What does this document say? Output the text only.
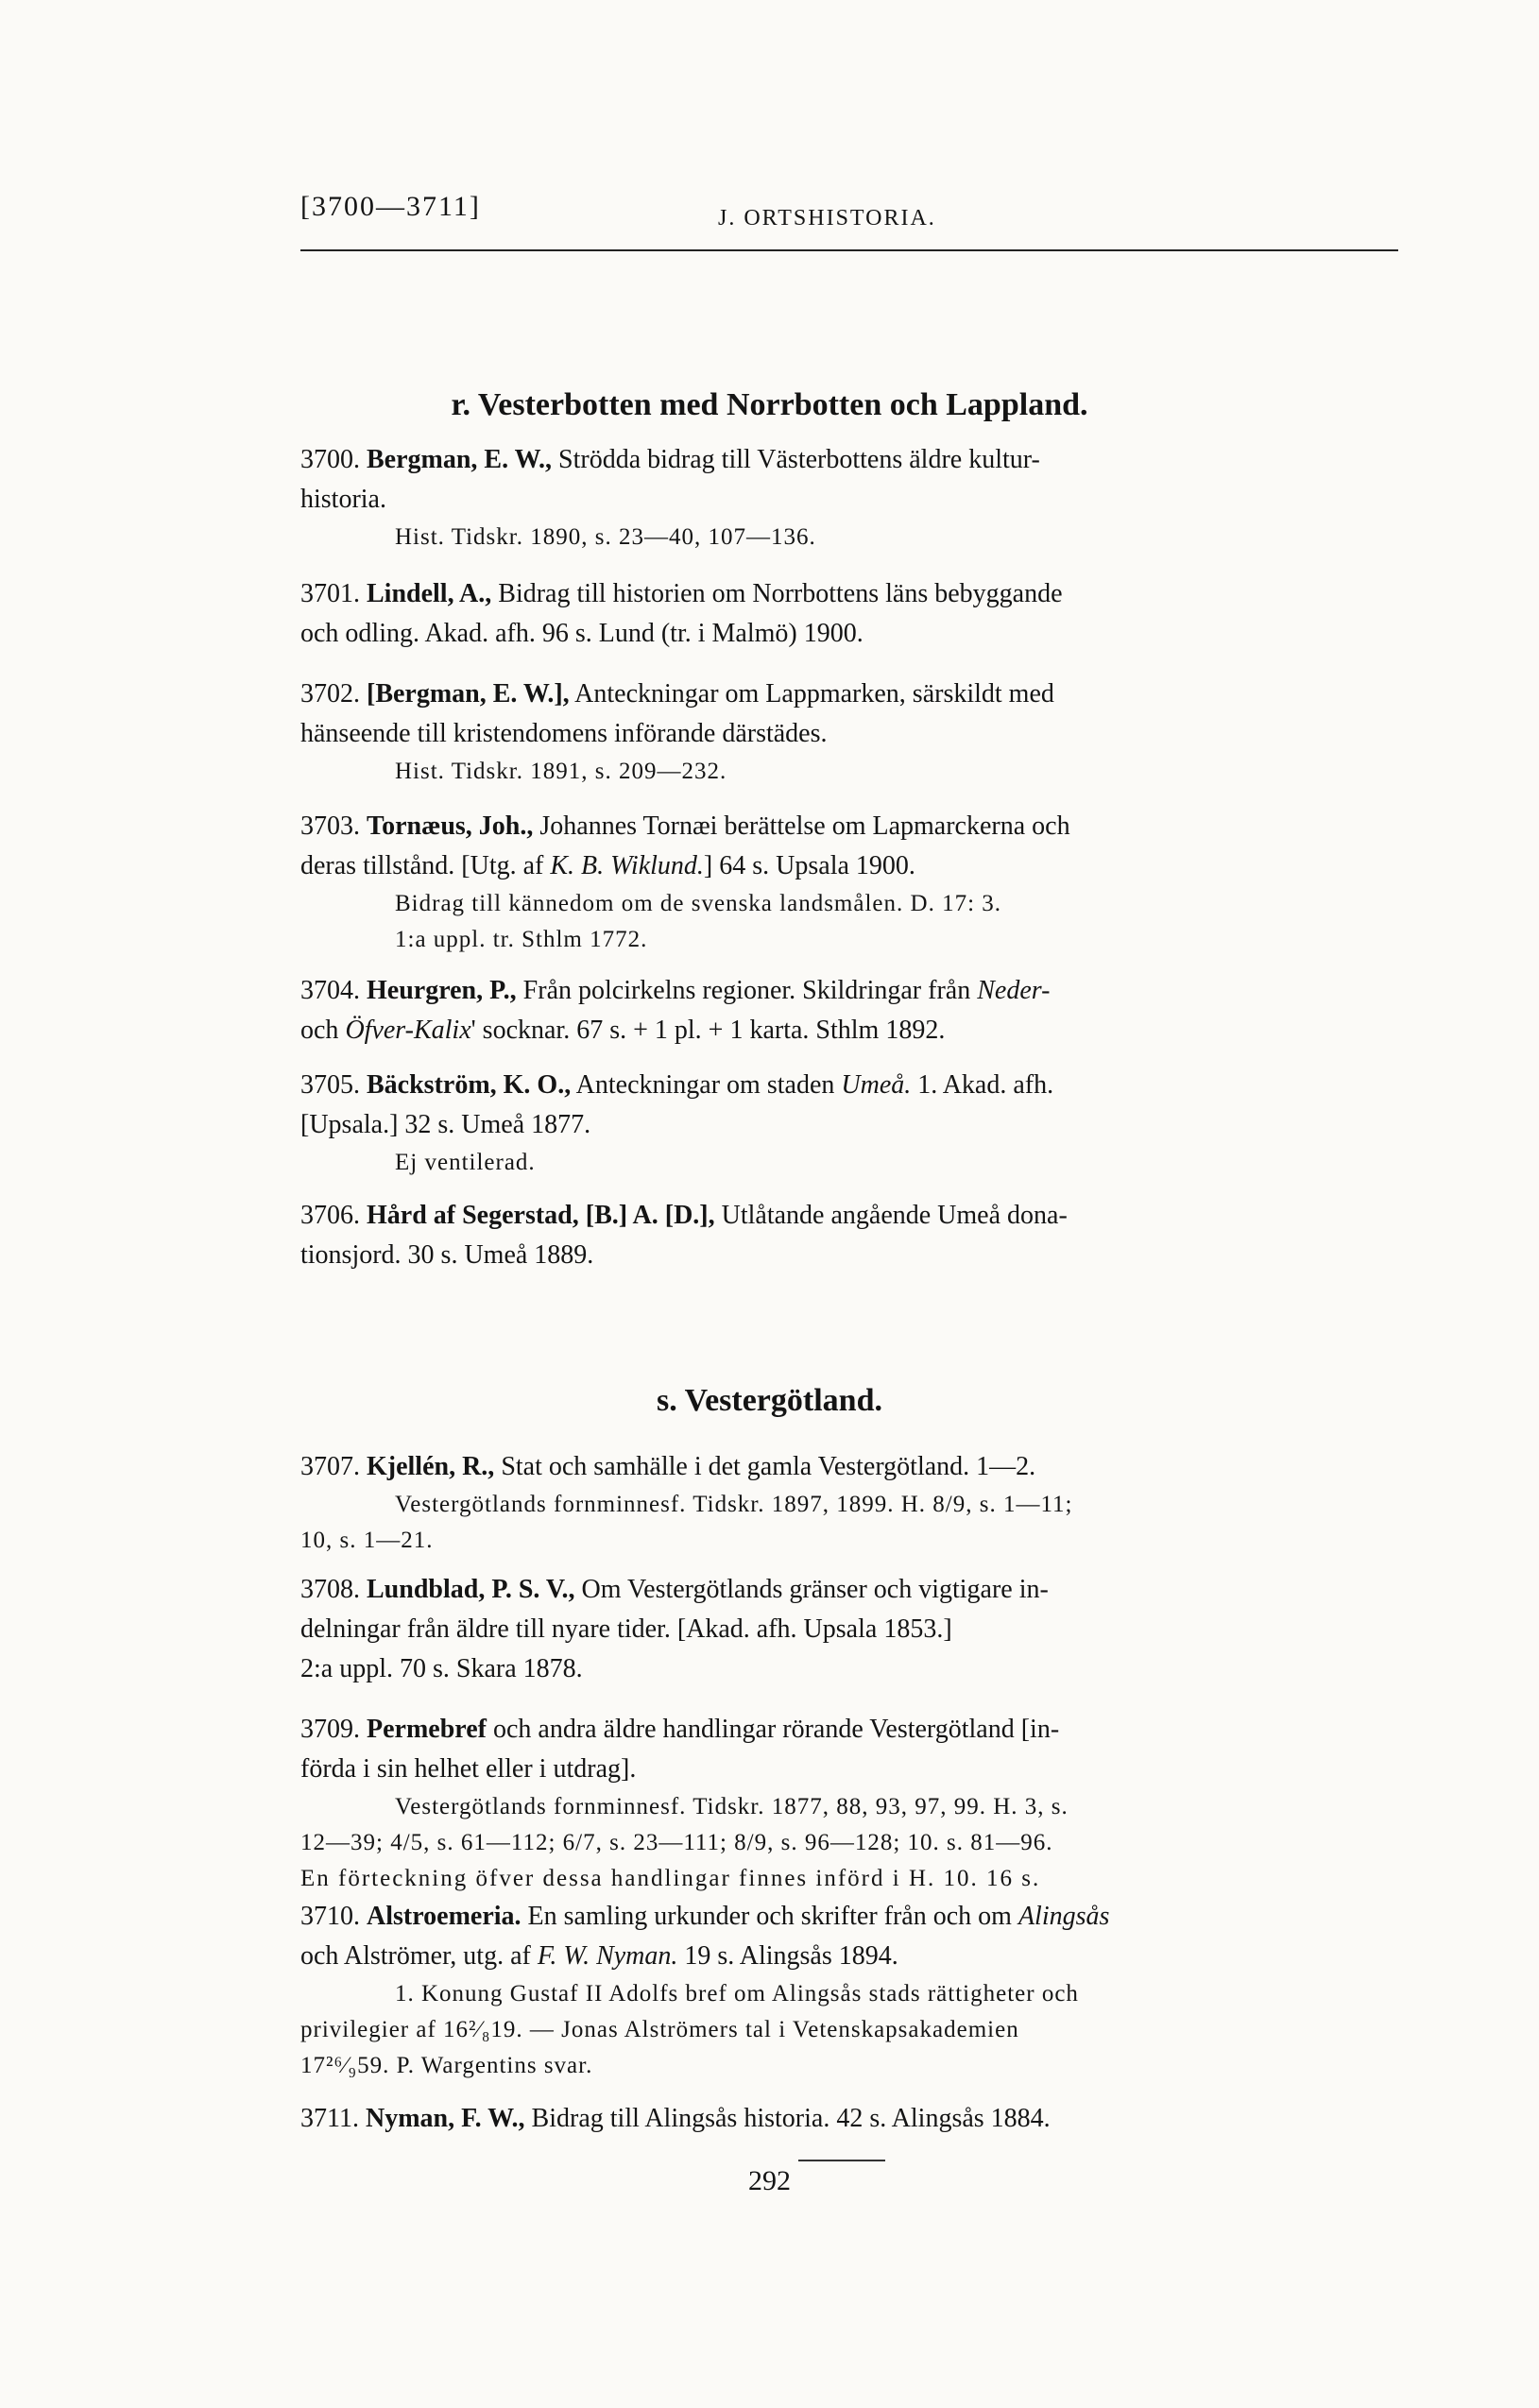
[3700—3711]	J. ORTSHISTORIA.
r. Vesterbotten med Norrbotten och Lappland.
3700. Bergman, E. W., Strödda bidrag till Västerbottens äldre kultur-
historia.
Hist. Tidskr. 1890, s. 23—40, 107—136.
3701. Lindell, A., Bidrag till historien om Norrbottens läns bebyggande
och odling. Akad. afh. 96 s. Lund (tr. i Malmö) 1900.
3702. [Bergman, E. W.], Anteckningar om Lappmarken, särskildt med
hänseende till kristendomens införande därstädes.
Hist. Tidskr. 1891, s. 209—232.
3703. Tornæus, Joh., Johannes Tornæi berättelse om Lapmarckerna och
deras tillstånd. [Utg. af K. B. Wiklund.] 64 s. Upsala 1900.
Bidrag till kännedom om de svenska landsmålen. D. 17: 3.
1:a uppl. tr. Sthlm 1772.
3704. Heurgren, P., Från polcirkelns regioner. Skildringar från Neder-
och Öfver-Kalix' socknar. 67 s. + 1 pl. + 1 karta. Sthlm 1892.
3705. Bäckström, K. O., Anteckningar om staden Umeå. 1. Akad. afh.
[Upsala.] 32 s. Umeå 1877.
Ej ventilerad.
3706. Hård af Segerstad, [B.] A. [D.], Utlåtande angående Umeå dona-
tionsjord. 30 s. Umeå 1889.
s. Vestergötland.
3707. Kjellén, R., Stat och samhälle i det gamla Vestergötland. 1—2.
Vestergötlands fornminnesf. Tidskr. 1897, 1899. H. 8/9, s. 1—11;
10, s. 1—21.
3708. Lundblad, P. S. V., Om Vestergötlands gränser och vigtigare in-
delningar från äldre till nyare tider. [Akad. afh. Upsala 1853.]
2:a uppl. 70 s. Skara 1878.
3709. Permebref och andra äldre handlingar rörande Vestergötland [in-
förda i sin helhet eller i utdrag].
Vestergötlands fornminnesf. Tidskr. 1877, 88, 93, 97, 99. H. 3, s.
12—39; 4/5, s. 61—112; 6/7, s. 23—111; 8/9, s. 96—128; 10. s. 81—96.
En förteckning öfver dessa handlingar finnes införd i H. 10. 16 s.
3710. Alstroemeria. En samling urkunder och skrifter från och om Alingsås
och Alströmer, utg. af F. W. Nyman. 19 s. Alingsås 1894.
1. Konung Gustaf II Adolfs bref om Alingsås stads rättigheter och
privilegier af 16²⁄₈19. — Jonas Alströmers tal i Vetenskapsakademien
17²⁶⁄₉59. P. Wargentins svar.
3711. Nyman, F. W., Bidrag till Alingsås historia. 42 s. Alingsås 1884.
292
